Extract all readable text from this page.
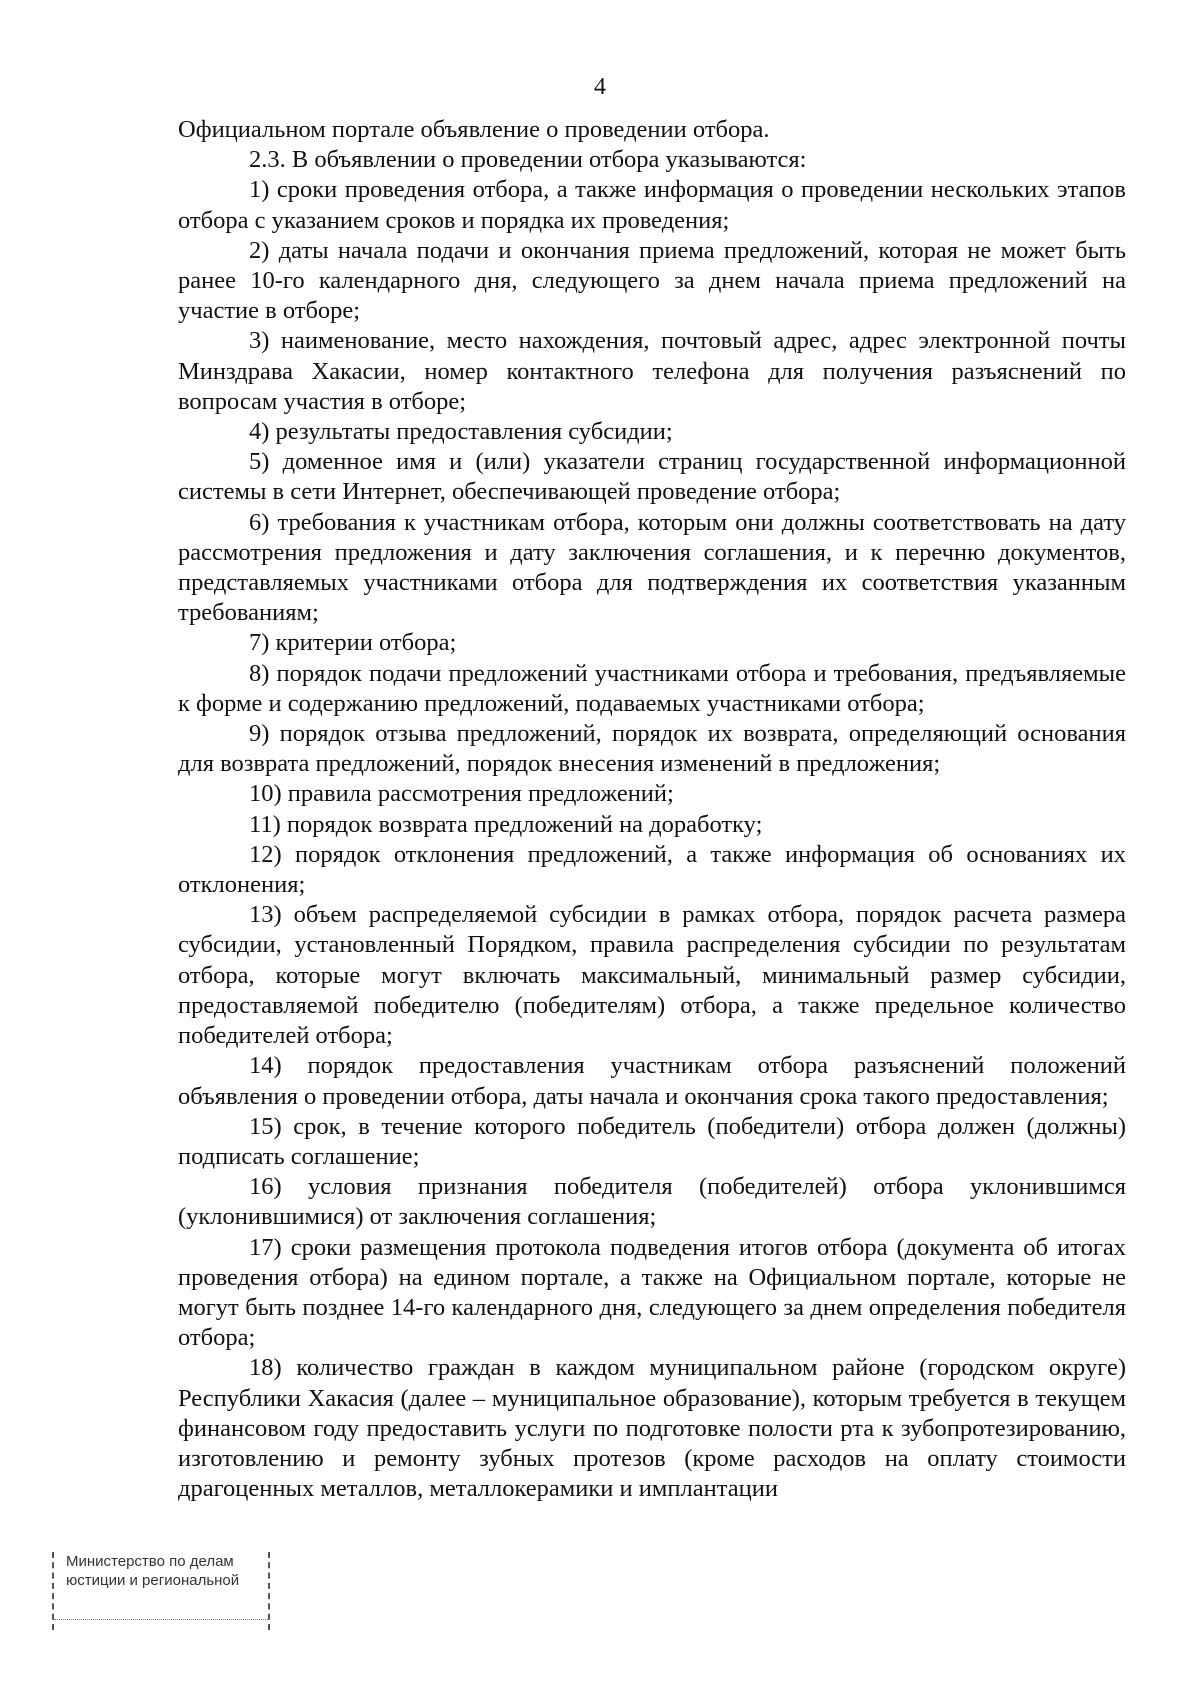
4

Официальном портале объявление о проведении отбора.

2.3. В объявлении о проведении отбора указываются:

1) сроки проведения отбора, а также информация о проведении нескольких этапов отбора с указанием сроков и порядка их проведения;

2) даты начала подачи и окончания приема предложений, которая не может быть ранее 10-го календарного дня, следующего за днем начала приема предложений на участие в отборе;

3) наименование, место нахождения, почтовый адрес, адрес электронной почты Минздрава Хакасии, номер контактного телефона для получения разъяснений по вопросам участия в отборе;

4) результаты предоставления субсидии;

5) доменное имя и (или) указатели страниц государственной информационной системы в сети Интернет, обеспечивающей проведение отбора;

6) требования к участникам отбора, которым они должны соответствовать на дату рассмотрения предложения и дату заключения соглашения, и к перечню документов, представляемых участниками отбора для подтверждения их соответствия указанным требованиям;

7) критерии отбора;

8) порядок подачи предложений участниками отбора и требования, предъявляемые к форме и содержанию предложений, подаваемых участниками отбора;

9) порядок отзыва предложений, порядок их возврата, определяющий основания для возврата предложений, порядок внесения изменений в предложения;

10) правила рассмотрения предложений;

11) порядок возврата предложений на доработку;

12) порядок отклонения предложений, а также информация об основаниях их отклонения;

13) объем распределяемой субсидии в рамках отбора, порядок расчета размера субсидии, установленный Порядком, правила распределения субсидии по результатам отбора, которые могут включать максимальный, минимальный размер субсидии, предоставляемой победителю (победителям) отбора, а также предельное количество победителей отбора;

14) порядок предоставления участникам отбора разъяснений положений объявления о проведении отбора, даты начала и окончания срока такого предоставления;

15) срок, в течение которого победитель (победители) отбора должен (должны) подписать соглашение;

16) условия признания победителя (победителей) отбора уклонившимся (уклонившимися) от заключения соглашения;

17) сроки размещения протокола подведения итогов отбора (документа об итогах проведения отбора) на едином портале, а также на Официальном портале, которые не могут быть позднее 14-го календарного дня, следующего за днем определения победителя отбора;

18) количество граждан в каждом муниципальном районе (городском округе) Республики Хакасия (далее – муниципальное образование), которым требуется в текущем финансовом году предоставить услуги по подготовке полости рта к зубопротезированию, изготовлению и ремонту зубных протезов (кроме расходов на оплату стоимости драгоценных металлов, металлокерамики и имплантации

Министерство по делам
юстиции и региональной
